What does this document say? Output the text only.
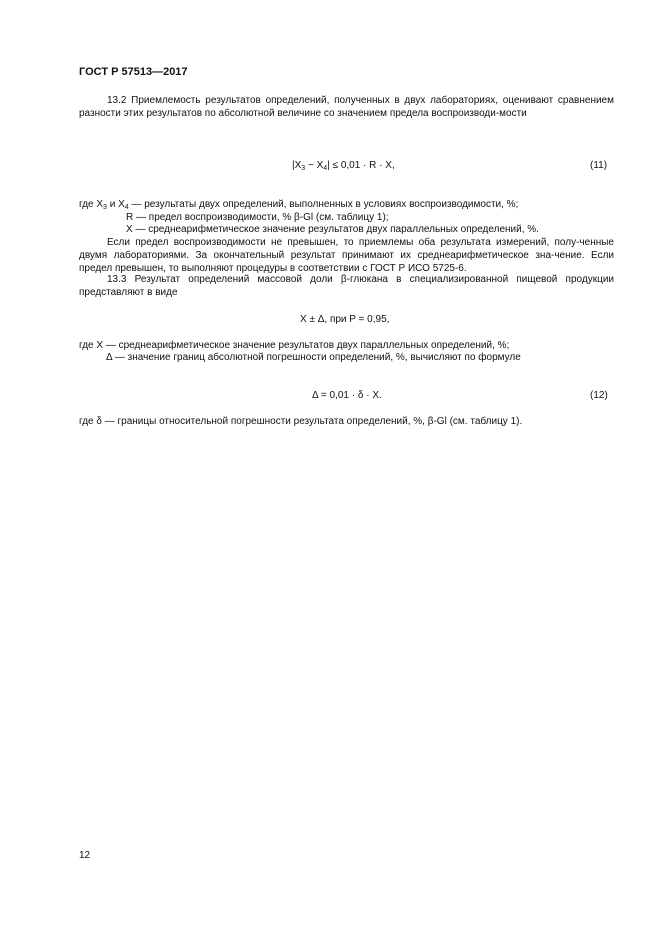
ГОСТ Р 57513—2017
13.2 Приемлемость результатов определений, полученных в двух лабораториях, оценивают сравнением разности этих результатов по абсолютной величине со значением предела воспроизводи-мости
$|X_3 - X_4| \le 0,01 \cdot R \cdot X$,	(11)
где $X_3$ и $X_4$ — результаты двух определений, выполненных в условиях воспроизводимости, %;
R — предел воспроизводимости, % β-Gl (см. таблицу 1);
X — среднеарифметическое значение результатов двух параллельных определений, %.
Если предел воспроизводимости не превышен, то приемлемы оба результата измерений, полу-ченные двумя лабораториями. За окончательный результат принимают их среднеарифметическое зна-чение. Если предел превышен, то выполняют процедуры в соответствии с ГОСТ Р ИСО 5725-6.
13.3 Результат определений массовой доли β-глюкана в специализированной пищевой продукции представляют в виде
X ± Δ, при P = 0,95,
где X — среднеарифметическое значение результатов двух параллельных определений, %;
Δ — значение границ абсолютной погрешности определений, %, вычисляют по формуле
Δ = 0,01 · δ · X.	(12)
где δ — границы относительной погрешности результата определений, %, β-Gl (см. таблицу 1).
12
